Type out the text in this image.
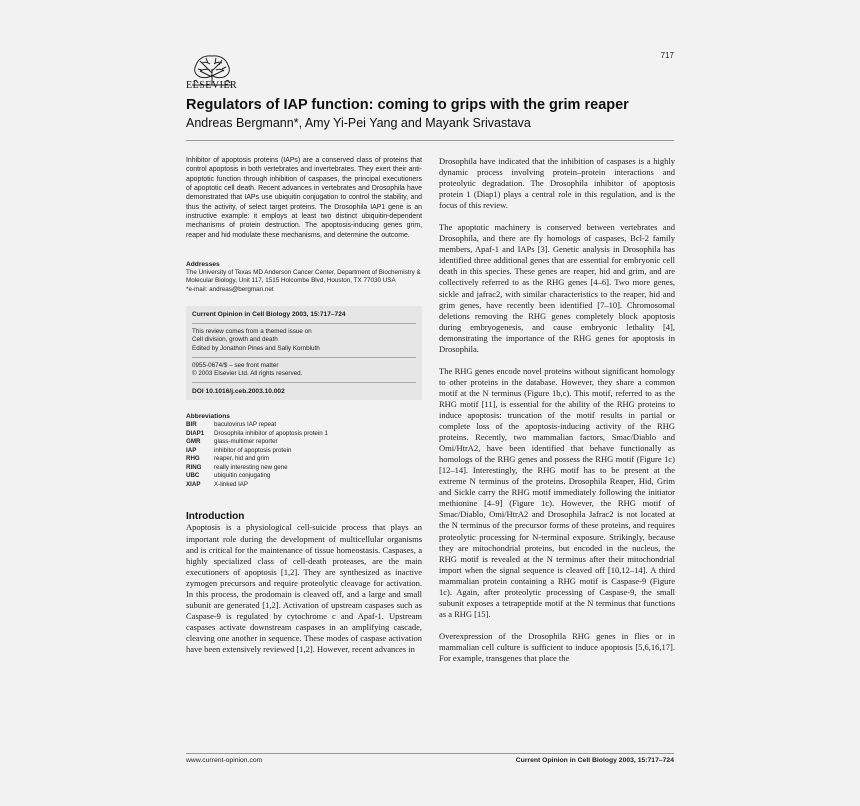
ELSEVIER
717
Regulators of IAP function: coming to grips with the grim reaper
Andreas Bergmann*, Amy Yi-Pei Yang and Mayank Srivastava

Inhibitor of apoptosis proteins (IAPs) are a conserved class of proteins that control apoptosis in both vertebrates and invertebrates. They exert their anti-apoptotic function through inhibition of caspases, the principal executioners of apoptotic cell death. Recent advances in vertebrates and Drosophila have demonstrated that IAPs use ubiquitin conjugation to control the stability, and thus the activity, of select target proteins. The Drosophila IAP1 gene is an instructive example: it employs at least two distinct ubiquitin-dependent mechanisms of protein destruction. The apoptosis-inducing genes grim, reaper and hid modulate these mechanisms, and determine the outcome.

Addresses

The University of Texas MD Anderson Cancer Center, Department of Biochemistry & Molecular Biology, Unit 117, 1515 Holcombe Blvd, Houston, TX 77030 USA

*e-mail: andreas@bergman.net

Current Opinion in Cell Biology 2003, 15:717–724

This review comes from a themed issue on

Cell division, growth and death

Edited by Jonathon Pines and Sally Kornbluth

0955-0674/$ – see front matter

© 2003 Elsevier Ltd. All rights reserved.

DOI 10.1016/j.ceb.2003.10.002

Abbreviations

BIR	baculovirus IAP repeat
DIAP1	Drosophila inhibitor of apoptosis protein 1
GMR	glass-multimer reporter
IAP	inhibitor of apoptosis protein
RHG	reaper, hid and grim
RING	really interesting new gene
UBC	ubiquitin conjugating
XIAP	X-linked IAP

Introduction

Apoptosis is a physiological cell-suicide process that plays an important role during the development of multicellular organisms and is critical for the maintenance of tissue homeostasis. Caspases, a highly specialized class of cell-death proteases, are the main executioners of apoptosis [1,2]. They are synthesized as inactive zymogen precursors and require proteolytic cleavage for activation. In this process, the prodomain is cleaved off, and a large and small subunit are generated [1,2]. Activation of upstream caspases such as Caspase-9 is regulated by cytochrome c and Apaf-1. Upstream caspases activate downstream caspases in an amplifying cascade, cleaving one another in sequence. These modes of caspase activation have been extensively reviewed [1,2]. However, recent advances in

Drosophila have indicated that the inhibition of caspases is a highly dynamic process involving protein–protein interactions and proteolytic degradation. The Drosophila inhibitor of apoptosis protein 1 (Diap1) plays a central role in this regulation, and is the focus of this review.

The apoptotic machinery is conserved between vertebrates and Drosophila, and there are fly homologs of caspases, Bcl-2 family members, Apaf-1 and IAPs [3]. Genetic analysis in Drosophila has identified three additional genes that are essential for embryonic cell death in this species. These genes are reaper, hid and grim, and are collectively referred to as the RHG genes [4–6]. Two more genes, sickle and jafrac2, with similar characteristics to the reaper, hid and grim genes, have recently been identified [7–10]. Chromosomal deletions removing the RHG genes completely block apoptosis during embryogenesis, and cause embryonic lethality [4], demonstrating the importance of the RHG genes for apoptosis in Drosophila.

The RHG genes encode novel proteins without significant homology to other proteins in the database. However, they share a common motif at the N terminus (Figure 1b,c). This motif, referred to as the RHG motif [11], is essential for the ability of the RHG proteins to induce apoptosis: truncation of the motif results in partial or complete loss of the apoptosis-inducing activity of the RHG proteins. Recently, two mammalian factors, Smac/Diablo and Omi/HtrA2, have been identified that behave functionally as homologs of the RHG genes and possess the RHG motif (Figure 1c) [12–14]. Interestingly, the RHG motif has to be present at the extreme N terminus of the proteins. Drosophila Reaper, Hid, Grim and Sickle carry the RHG motif immediately following the initiator methionine [4–9] (Figure 1c). However, the RHG motif of Smac/Diablo, Omi/HtrA2 and Drosophila Jafrac2 is not located at the N terminus of the precursor forms of these proteins, and requires proteolytic processing for N-terminal exposure. Strikingly, because they are mitochondrial proteins, but encoded in the nucleus, the RHG motif is revealed at the N terminus after their mitochondrial import when the signal sequence is cleaved off [10,12–14]. A third mammalian protein containing a RHG motif is Caspase-9 (Figure 1c). Again, after proteolytic processing of Caspase-9, the small subunit exposes a tetrapeptide motif at the N terminus that functions as a RHG [15].

Overexpression of the Drosophila RHG genes in flies or in mammalian cell culture is sufficient to induce apoptosis [5,6,16,17]. For example, transgenes that place the

www.current-opinion.com	Current Opinion in Cell Biology 2003, 15:717–724
